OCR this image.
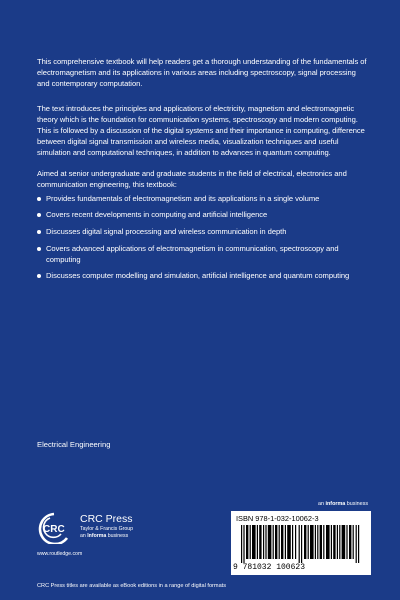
This comprehensive textbook will help readers get a thorough understanding of the fundamentals of electromagnetism and its applications in various areas including spectroscopy, signal processing and contemporary computation.

The text introduces the principles and applications of electricity, magnetism and electromagnetic theory which is the foundation for communication systems, spectroscopy and modern computing. This is followed by a discussion of the digital systems and their importance in computing, difference between digital signal transmission and wireless media, visualization techniques and useful simulation and computational techniques, in addition to advances in quantum computing.

Aimed at senior undergraduate and graduate students in the field of electrical, electronics and communication engineering, this textbook:

Provides fundamentals of electromagnetism and its applications in a single volume
Covers recent developments in computing and artificial intelligence
Discusses digital signal processing and wireless communication in depth
Covers advanced applications of electromagnetism in communication, spectroscopy and computing
Discusses computer modelling and simulation, artificial intelligence and quantum computing
Electrical Engineering
an informa business
CRC
CRC Press
Taylor & Francis Group
an Informa business
www.routledge.com
ISBN 978-1-032-10062-3
9 781032 100623
CRC Press titles are available as eBook editions in a range of digital formats
